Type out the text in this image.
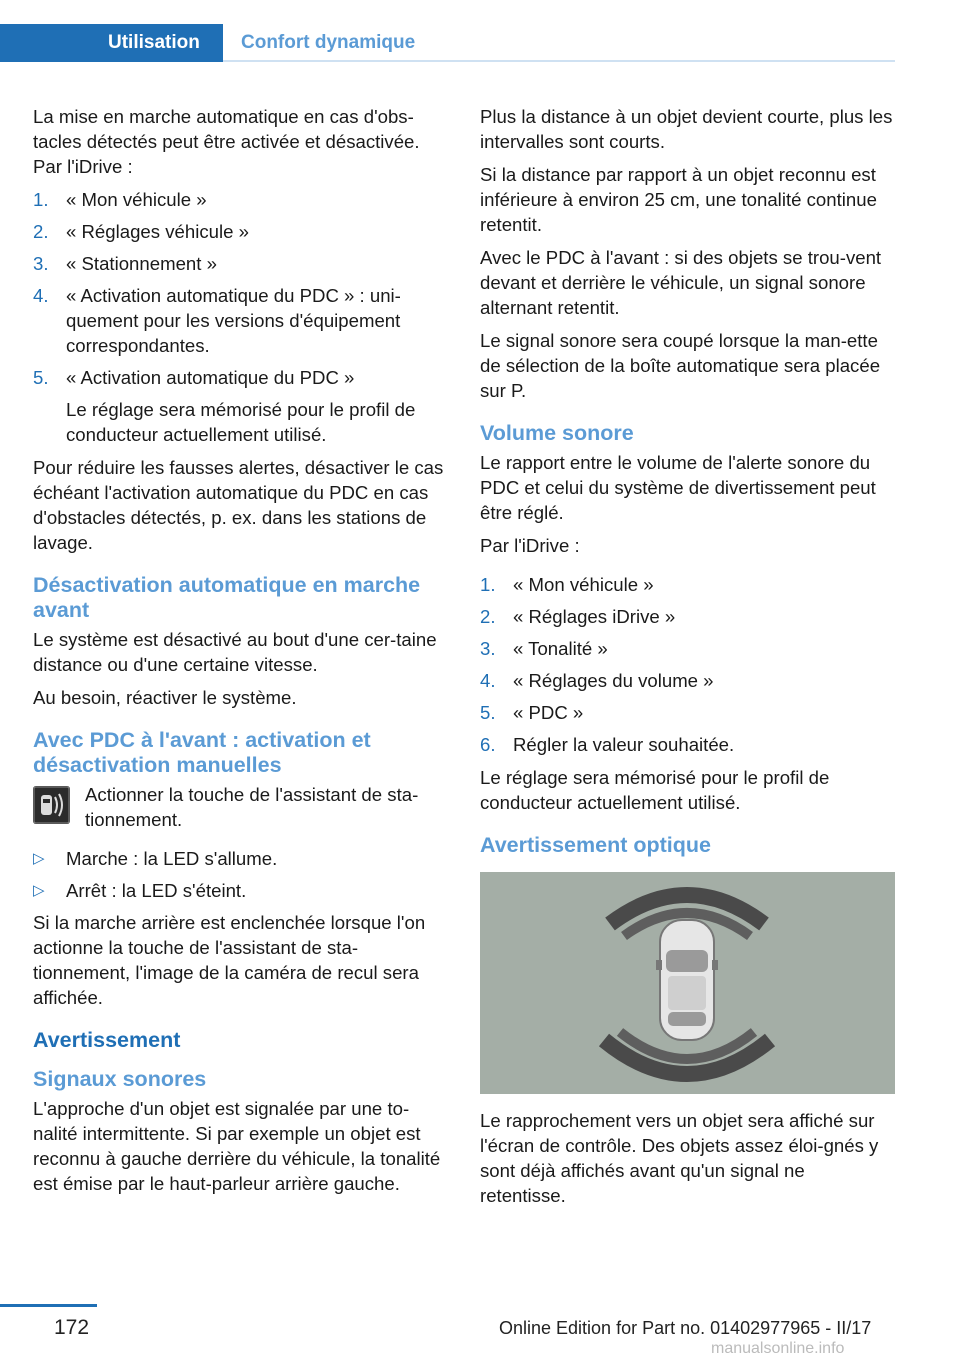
Utilisation	Confort dynamique

La mise en marche automatique en cas d'obs-tacles détectés peut être activée et désactivée. Par l'iDrive :

1. « Mon véhicule »
2. « Réglages véhicule »
3. « Stationnement »
4. « Activation automatique du PDC » : uni-quement pour les versions d'équipement correspondantes.
5. « Activation automatique du PDC »
Le réglage sera mémorisé pour le profil de conducteur actuellement utilisé.

Pour réduire les fausses alertes, désactiver le cas échéant l'activation automatique du PDC en cas d'obstacles détectés, p. ex. dans les stations de lavage.

Désactivation automatique en marche avant

Le système est désactivé au bout d'une cer-taine distance ou d'une certaine vitesse.

Au besoin, réactiver le système.

Avec PDC à l'avant : activation et désactivation manuelles
Actionner la touche de l'assistant de sta-tionnement.
▷ Marche : la LED s'allume.
▷ Arrêt : la LED s'éteint.

Si la marche arrière est enclenchée lorsque l'on actionne la touche de l'assistant de sta-tionnement, l'image de la caméra de recul sera affichée.

Avertissement
Signaux sonores

L'approche d'un objet est signalée par une to-nalité intermittente. Si par exemple un objet est reconnu à gauche derrière du véhicule, la tonalité est émise par le haut-parleur arrière gauche.

Plus la distance à un objet devient courte, plus les intervalles sont courts.

Si la distance par rapport à un objet reconnu est inférieure à environ 25 cm, une tonalité continue retentit.

Avec le PDC à l'avant : si des objets se trou-vent devant et derrière le véhicule, un signal sonore alternant retentit.

Le signal sonore sera coupé lorsque la man-ette de sélection de la boîte automatique sera placée sur P.

Volume sonore

Le rapport entre le volume de l'alerte sonore du PDC et celui du système de divertissement peut être réglé.

Par l'iDrive :

1. « Mon véhicule »
2. « Réglages iDrive »
3. « Tonalité »
4. « Réglages du volume »
5. « PDC »
6. Régler la valeur souhaitée.

Le réglage sera mémorisé pour le profil de conducteur actuellement utilisé.

Avertissement optique

Le rapprochement vers un objet sera affiché sur l'écran de contrôle. Des objets assez éloi-gnés y sont déjà affichés avant qu'un signal ne retentisse.

172	Online Edition for Part no. 01402977965 - II/17
manualsonline.info
